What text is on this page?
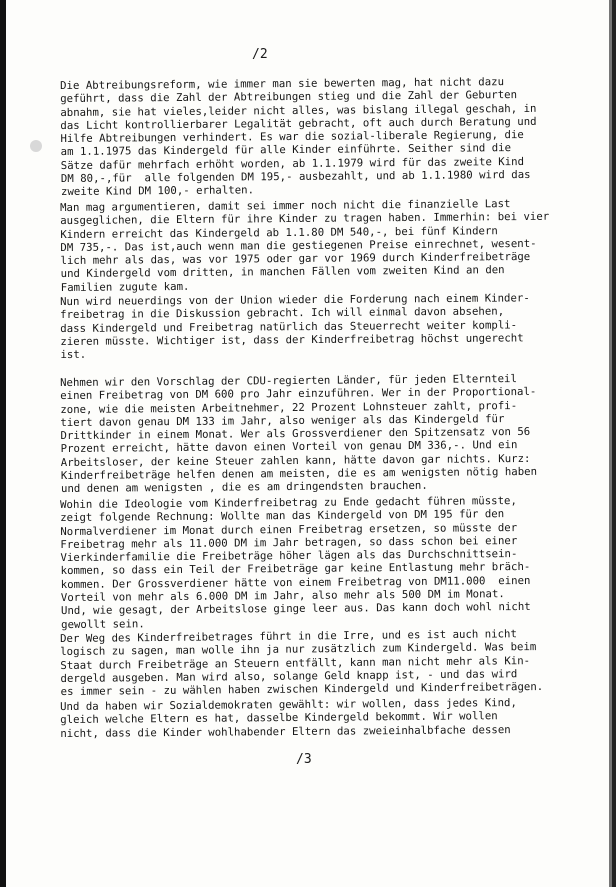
/2

Die Abtreibungsreform, wie immer man sie bewerten mag, hat nicht dazu
geführt, dass die Zahl der Abtreibungen stieg und die Zahl der Geburten
abnahm, sie hat vieles,leider nicht alles, was bislang illegal geschah, in
das Licht kontrollierbarer Legalität gebracht, oft auch durch Beratung und
Hilfe Abtreibungen verhindert. Es war die sozial-liberale Regierung, die
am 1.1.1975 das Kindergeld für alle Kinder einführte. Seither sind die
Sätze dafür mehrfach erhöht worden, ab 1.1.1979 wird für das zweite Kind
DM 80,-,für  alle folgenden DM 195,- ausbezahlt, und ab 1.1.1980 wird das
zweite Kind DM 100,- erhalten.

Man mag argumentieren, damit sei immer noch nicht die finanzielle Last
ausgeglichen, die Eltern für ihre Kinder zu tragen haben. Immerhin: bei vier
Kindern erreicht das Kindergeld ab 1.1.80 DM 540,-, bei fünf Kindern
DM 735,-. Das ist,auch wenn man die gestiegenen Preise einrechnet, wesent-
lich mehr als das, was vor 1975 oder gar vor 1969 durch Kinderfreibeträge
und Kindergeld vom dritten, in manchen Fällen vom zweiten Kind an den
Familien zugute kam.

Nun wird neuerdings von der Union wieder die Forderung nach einem Kinder-
freibetrag in die Diskussion gebracht. Ich will einmal davon absehen,
dass Kindergeld und Freibetrag natürlich das Steuerrecht weiter kompli-
zieren müsste. Wichtiger ist, dass der Kinderfreibetrag höchst ungerecht
ist.

Nehmen wir den Vorschlag der CDU-regierten Länder, für jeden Elternteil
einen Freibetrag von DM 600 pro Jahr einzuführen. Wer in der Proportional-
zone, wie die meisten Arbeitnehmer, 22 Prozent Lohnsteuer zahlt, profi-
tiert davon genau DM 133 im Jahr, also weniger als das Kindergeld für
Drittkinder in einem Monat. Wer als Grossverdiener den Spitzensatz von 56
Prozent erreicht, hätte davon einen Vorteil von genau DM 336,-. Und ein
Arbeitsloser, der keine Steuer zahlen kann, hätte davon gar nichts. Kurz:
Kinderfreibeträge helfen denen am meisten, die es am wenigsten nötig haben
und denen am wenigsten , die es am dringendsten brauchen.

Wohin die Ideologie vom Kinderfreibetrag zu Ende gedacht führen müsste,
zeigt folgende Rechnung: Wollte man das Kindergeld von DM 195 für den
Normalverdiener im Monat durch einen Freibetrag ersetzen, so müsste der
Freibetrag mehr als 11.000 DM im Jahr betragen, so dass schon bei einer
Vierkinderfamilie die Freibeträge höher lägen als das Durchschnittsein-
kommen, so dass ein Teil der Freibeträge gar keine Entlastung mehr bräch-
kommen. Der Grossverdiener hätte von einem Freibetrag von DM11.000  einen
Vorteil von mehr als 6.000 DM im Jahr, also mehr als 500 DM im Monat.
Und, wie gesagt, der Arbeitslose ginge leer aus. Das kann doch wohl nicht
gewollt sein.

Der Weg des Kinderfreibetrages führt in die Irre, und es ist auch nicht
logisch zu sagen, man wolle ihn ja nur zusätzlich zum Kindergeld. Was beim
Staat durch Freibeträge an Steuern entfällt, kann man nicht mehr als Kin-
dergeld ausgeben. Man wird also, solange Geld knapp ist, - und das wird
es immer sein - zu wählen haben zwischen Kindergeld und Kinderfreibeträgen.

Und da haben wir Sozialdemokraten gewählt: wir wollen, dass jedes Kind,
gleich welche Eltern es hat, dasselbe Kindergeld bekommt. Wir wollen
nicht, dass die Kinder wohlhabender Eltern das zweieinhalbfache dessen

/3
